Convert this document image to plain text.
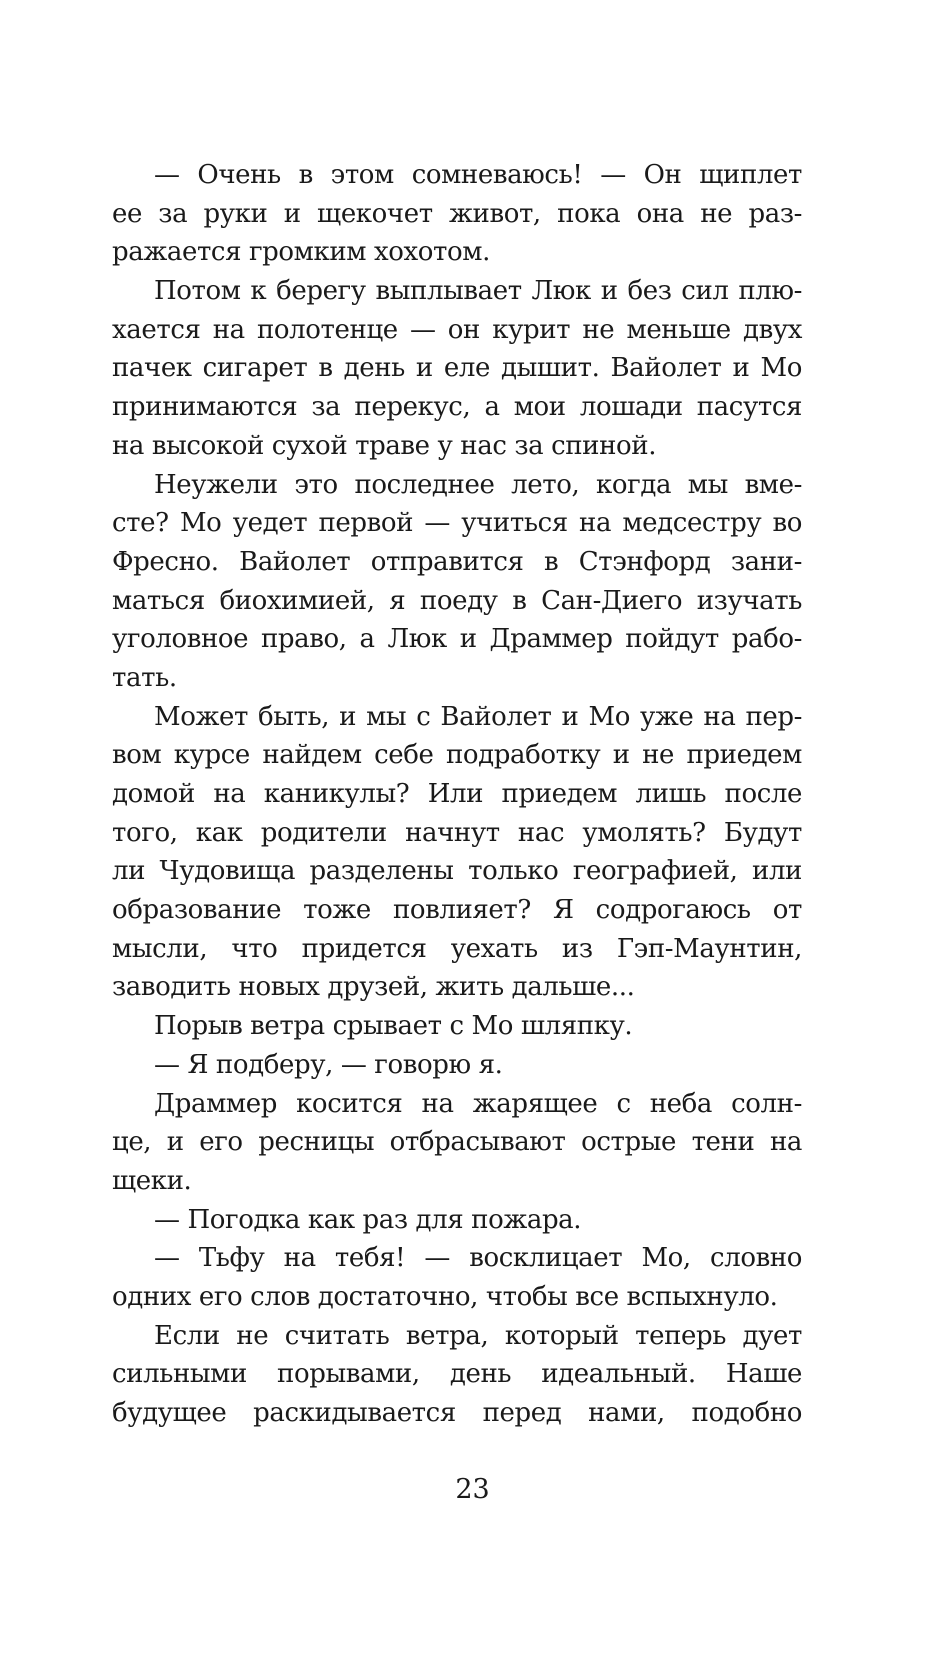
— Очень в этом сомневаюсь! — Он щиплет
ее за руки и щекочет живот, пока она не раз-
ражается громким хохотом.
Потом к берегу выплывает Люк и без сил плю-
хается на полотенце — он курит не меньше двух
пачек сигарет в день и еле дышит. Вайолет и Мо
принимаются за перекус, а мои лошади пасутся
на высокой сухой траве у нас за спиной.
Неужели это последнее лето, когда мы вме-
сте? Мо уедет первой — учиться на медсестру во
Фресно. Вайолет отправится в Стэнфорд зани-
маться биохимией, я поеду в Сан-Диего изучать
уголовное право, а Люк и Драммер пойдут рабо-
тать.
Может быть, и мы с Вайолет и Мо уже на пер-
вом курсе найдем себе подработку и не приедем
домой на каникулы? Или приедем лишь после
того, как родители начнут нас умолять? Будут
ли Чудовища разделены только географией, или
образование тоже повлияет? Я содрогаюсь от
мысли, что придется уехать из Гэп-Маунтин,
заводить новых друзей, жить дальше...
Порыв ветра срывает с Мо шляпку.
— Я подберу, — говорю я.
Драммер косится на жарящее с неба солн-
це, и его ресницы отбрасывают острые тени на
щеки.
— Погодка как раз для пожара.
— Тьфу на тебя! — восклицает Мо, словно
одних его слов достаточно, чтобы все вспыхнуло.
Если не считать ветра, который теперь дует
сильными порывами, день идеальный. Наше
будущее раскидывается перед нами, подобно
23
